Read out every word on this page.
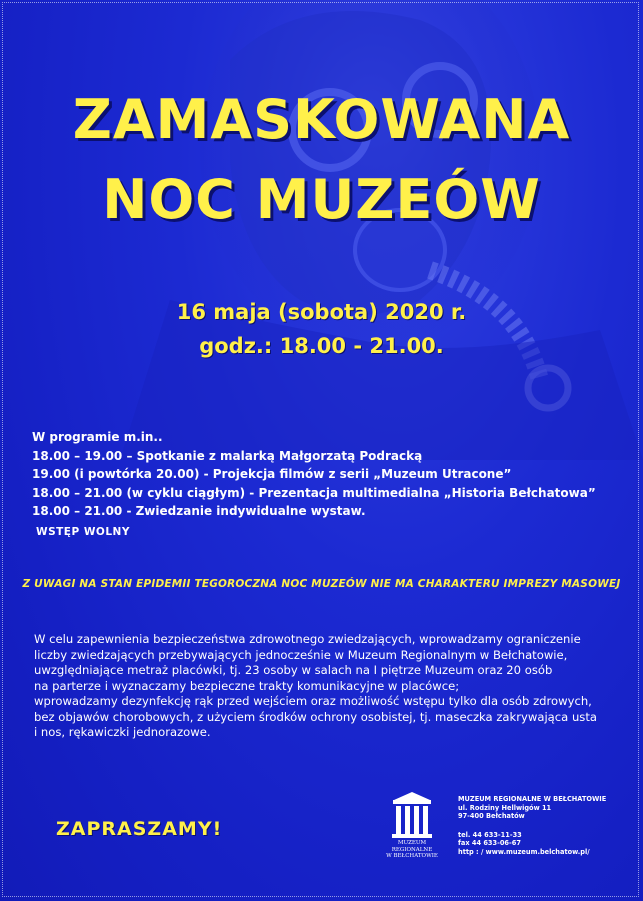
ZAMASKOWANA
NOC MUZEÓW
16 maja (sobota) 2020 r.
godz.: 18.00 - 21.00.
W programie m.in..
18.00 – 19.00 – Spotkanie z malarką Małgorzatą Podracką
19.00 (i powtórka 20.00) - Projekcja filmów z serii „Muzeum Utracone”
18.00 – 21.00 (w cyklu ciągłym) - Prezentacja multimedialna „Historia Bełchatowa”
18.00 – 21.00 - Zwiedzanie indywidualne wystaw.
WSTĘP WOLNY
Z UWAGI NA STAN EPIDEMII TEGOROCZNA NOC MUZEÓW NIE MA CHARAKTERU IMPREZY MASOWEJ
W celu zapewnienia bezpieczeństwa zdrowotnego zwiedzających, wprowadzamy ograniczenie
liczby zwiedzających przebywających jednocześnie w Muzeum Regionalnym w Bełchatowie,
uwzględniające metraż placówki, tj. 23 osoby w salach na I piętrze Muzeum oraz 20 osób
na parterze i wyznaczamy bezpieczne trakty komunikacyjne w placówce;
wprowadzamy dezynfekcję rąk przed wejściem oraz możliwość wstępu tylko dla osób zdrowych,
bez objawów chorobowych, z użyciem środków ochrony osobistej, tj. maseczka zakrywająca usta
i nos, rękawiczki jednorazowe.
ZAPRASZAMY!
MUZEUM
REGIONALNE
W BEŁCHATOWIE
MUZEUM REGIONALNE W BEŁCHATOWIE
ul. Rodziny Hellwigów 11
97-400 Bełchatów
tel. 44 633-11-33
fax 44 633-06-67
http : / www.muzeum.belchatow.pl/
